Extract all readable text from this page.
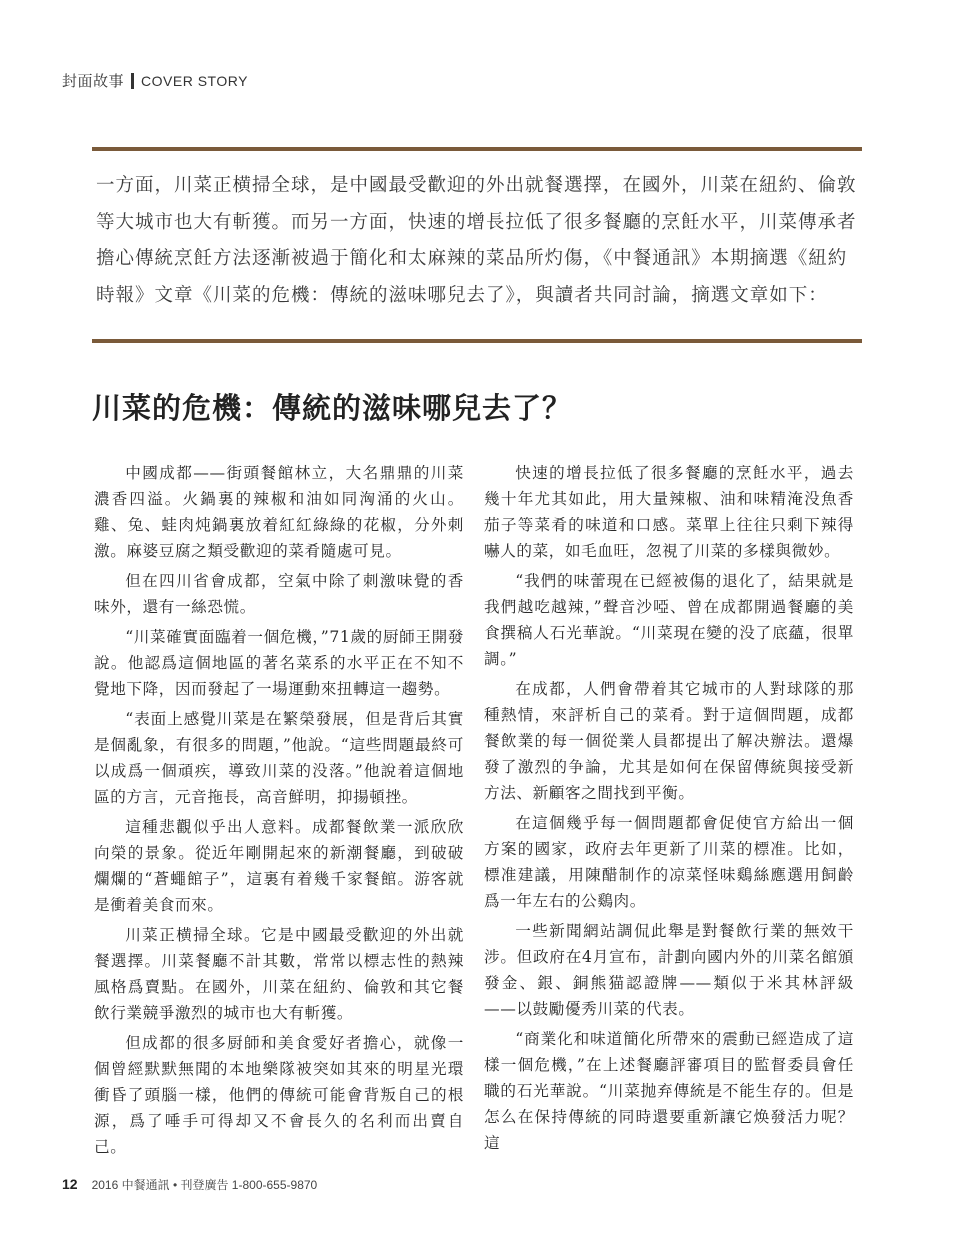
封面故事 COVER STORY

一方面，川菜正横掃全球，是中國最受歡迎的外出就餐選擇，在國外，川菜在紐約、倫敦等大城市也大有斬獲。而另一方面，快速的增長拉低了很多餐廳的烹飪水平，川菜傳承者擔心傳統烹飪方法逐漸被過于簡化和太麻辣的菜品所灼傷，《中餐通訊》本期摘選《紐約時報》文章《川菜的危機：傳統的滋味哪兒去了》，與讀者共同討論，摘選文章如下：

川菜的危機：傳統的滋味哪兒去了？

中國成都——街頭餐館林立，大名鼎鼎的川菜濃香四溢。火鍋裏的辣椒和油如同洶涌的火山。雞、兔、蛙肉炖鍋裏放着紅紅綠綠的花椒，分外刺激。麻婆豆腐之類受歡迎的菜肴隨處可見。

但在四川省會成都，空氣中除了刺激味覺的香味外，還有一絲恐慌。

“川菜確實面臨着一個危機，”71歲的厨師王開發說。他認爲這個地區的著名菜系的水平正在不知不覺地下降，因而發起了一場運動來扭轉這一趨勢。

“表面上感覺川菜是在繁榮發展，但是背后其實是個亂象，有很多的問題，”他說。“這些問題最終可以成爲一個頑疾，導致川菜的没落。”他說着這個地區的方言，元音拖長，高音鮮明，抑揚頓挫。

這種悲觀似乎出人意料。成都餐飲業一派欣欣向榮的景象。從近年剛開起來的新潮餐廳，到破破爛爛的“蒼蠅館子”，這裏有着幾千家餐館。游客就是衝着美食而來。

川菜正横掃全球。它是中國最受歡迎的外出就餐選擇。川菜餐廳不計其數，常常以標志性的熱辣風格爲賣點。在國外，川菜在紐約、倫敦和其它餐飲行業競爭激烈的城市也大有斬獲。

但成都的很多厨師和美食愛好者擔心，就像一個曾經默默無聞的本地樂隊被突如其來的明星光環衝昏了頭腦一樣，他們的傳統可能會背叛自己的根源，爲了唾手可得却又不會長久的名利而出賣自己。

快速的增長拉低了很多餐廳的烹飪水平，過去幾十年尤其如此，用大量辣椒、油和味精淹没魚香茄子等菜肴的味道和口感。菜單上往往只剩下辣得嚇人的菜，如毛血旺，忽視了川菜的多樣與微妙。

“我們的味蕾現在已經被傷的退化了，結果就是我們越吃越辣，”聲音沙啞、曾在成都開過餐廳的美食撰稿人石光華說。“川菜現在變的没了底蘊，很單調。”

在成都，人們會帶着其它城市的人對球隊的那種熱情，來評析自己的菜肴。對于這個問題，成都餐飲業的每一個從業人員都提出了解决辦法。還爆發了激烈的争論，尤其是如何在保留傳統與接受新方法、新顧客之間找到平衡。

在這個幾乎每一個問題都會促使官方給出一個方案的國家，政府去年更新了川菜的標准。比如，標准建議，用陳醋制作的凉菜怪味鷄絲應選用飼齡爲一年左右的公鷄肉。

一些新聞網站調侃此舉是對餐飲行業的無效干涉。但政府在4月宣布，計劃向國内外的川菜名館頒發金、銀、銅熊猫認證牌——類似于米其林評級——以鼓勵優秀川菜的代表。

“商業化和味道簡化所帶來的震動已經造成了這樣一個危機，”在上述餐廳評審項目的監督委員會任職的石光華說。“川菜抛弃傳統是不能生存的。但是怎么在保持傳統的同時還要重新讓它焕發活力呢？這

12 2016 中餐通訊 • 刊登廣告 1-800-655-9870
